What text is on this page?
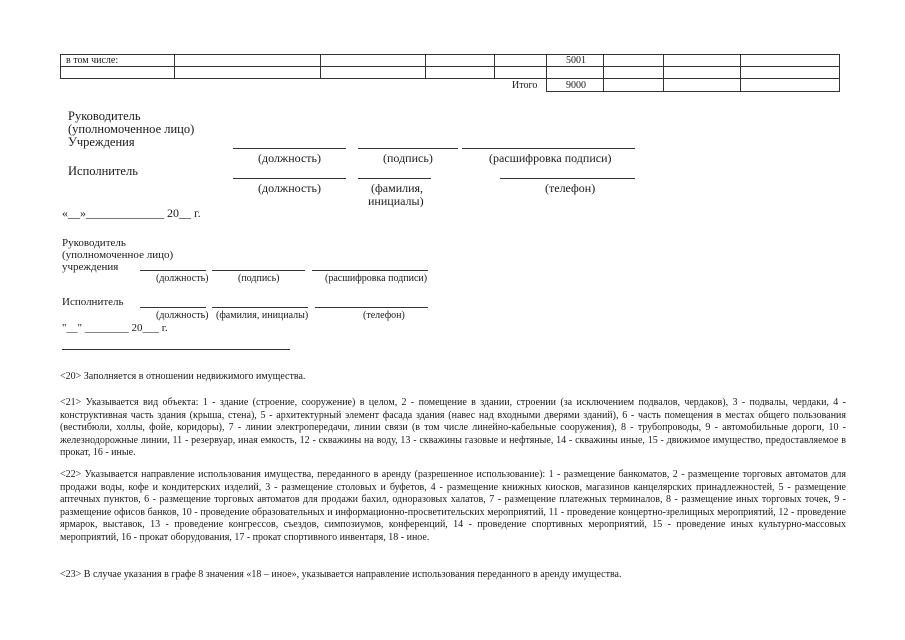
в том числе:	5001
Итого	9000
Руководитель
(уполномоченное лицо)
Учреждения
(должность)	(подпись)	(расшифровка подписи)
Исполнитель
(должность)	(фамилия,
инициалы)
(телефон)
«__»_____________ 20__ г.
Руководитель
(уполномоченное лицо)
учреждения
(должность)	(подпись)	(расшифровка подписи)
Исполнитель
(должность) (фамилия, инициалы)	(телефон)
"__" ________ 20___ г.
<20> Заполняется в отношении недвижимого имущества.
<21> Указывается вид объекта: 1 - здание (строение, сооружение) в целом, 2 - помещение в здании, строении (за исключением подвалов, чердаков), 3 - подвалы, чердаки, 4 - конструктивная часть здания (крыша, стена), 5 - архитектурный элемент фасада здания (навес над входными дверями зданий), 6 - часть помещения в местах общего пользования (вестибюли, холлы, фойе, коридоры), 7 - линии электропередачи, линии связи (в том числе линейно-кабельные сооружения), 8 - трубопроводы, 9 - автомобильные дороги, 10 - железнодорожные линии, 11 - резервуар, иная емкость, 12 - скважины на воду, 13 - скважины газовые и нефтяные, 14 - скважины иные, 15 - движимое имущество, предоставляемое в прокат, 16 - иные.
<22> Указывается направление использования имущества, переданного в аренду (разрешенное использование): 1 - размещение банкоматов, 2 - размещение торговых автоматов для продажи воды, кофе и кондитерских изделий, 3 - размещение столовых и буфетов, 4 - размещение книжных киосков, магазинов канцелярских принадлежностей, 5 - размещение аптечных пунктов, 6 - размещение торговых автоматов для продажи бахил, одноразовых халатов, 7 - размещение платежных терминалов, 8 - размещение иных торговых точек, 9 - размещение офисов банков, 10 - проведение образовательных и информационно-просветительских мероприятий, 11 - проведение концертно-зрелищных мероприятий, 12 - проведение ярмарок, выставок, 13 - проведение конгрессов, съездов, симпозиумов, конференций, 14 - проведение спортивных мероприятий, 15 - проведение иных культурно-массовых мероприятий, 16 - прокат оборудования, 17 - прокат спортивного инвентаря, 18 - иное.
<23> В случае указания в графе 8 значения «18 – иное», указывается направление использования переданного в аренду имущества.
